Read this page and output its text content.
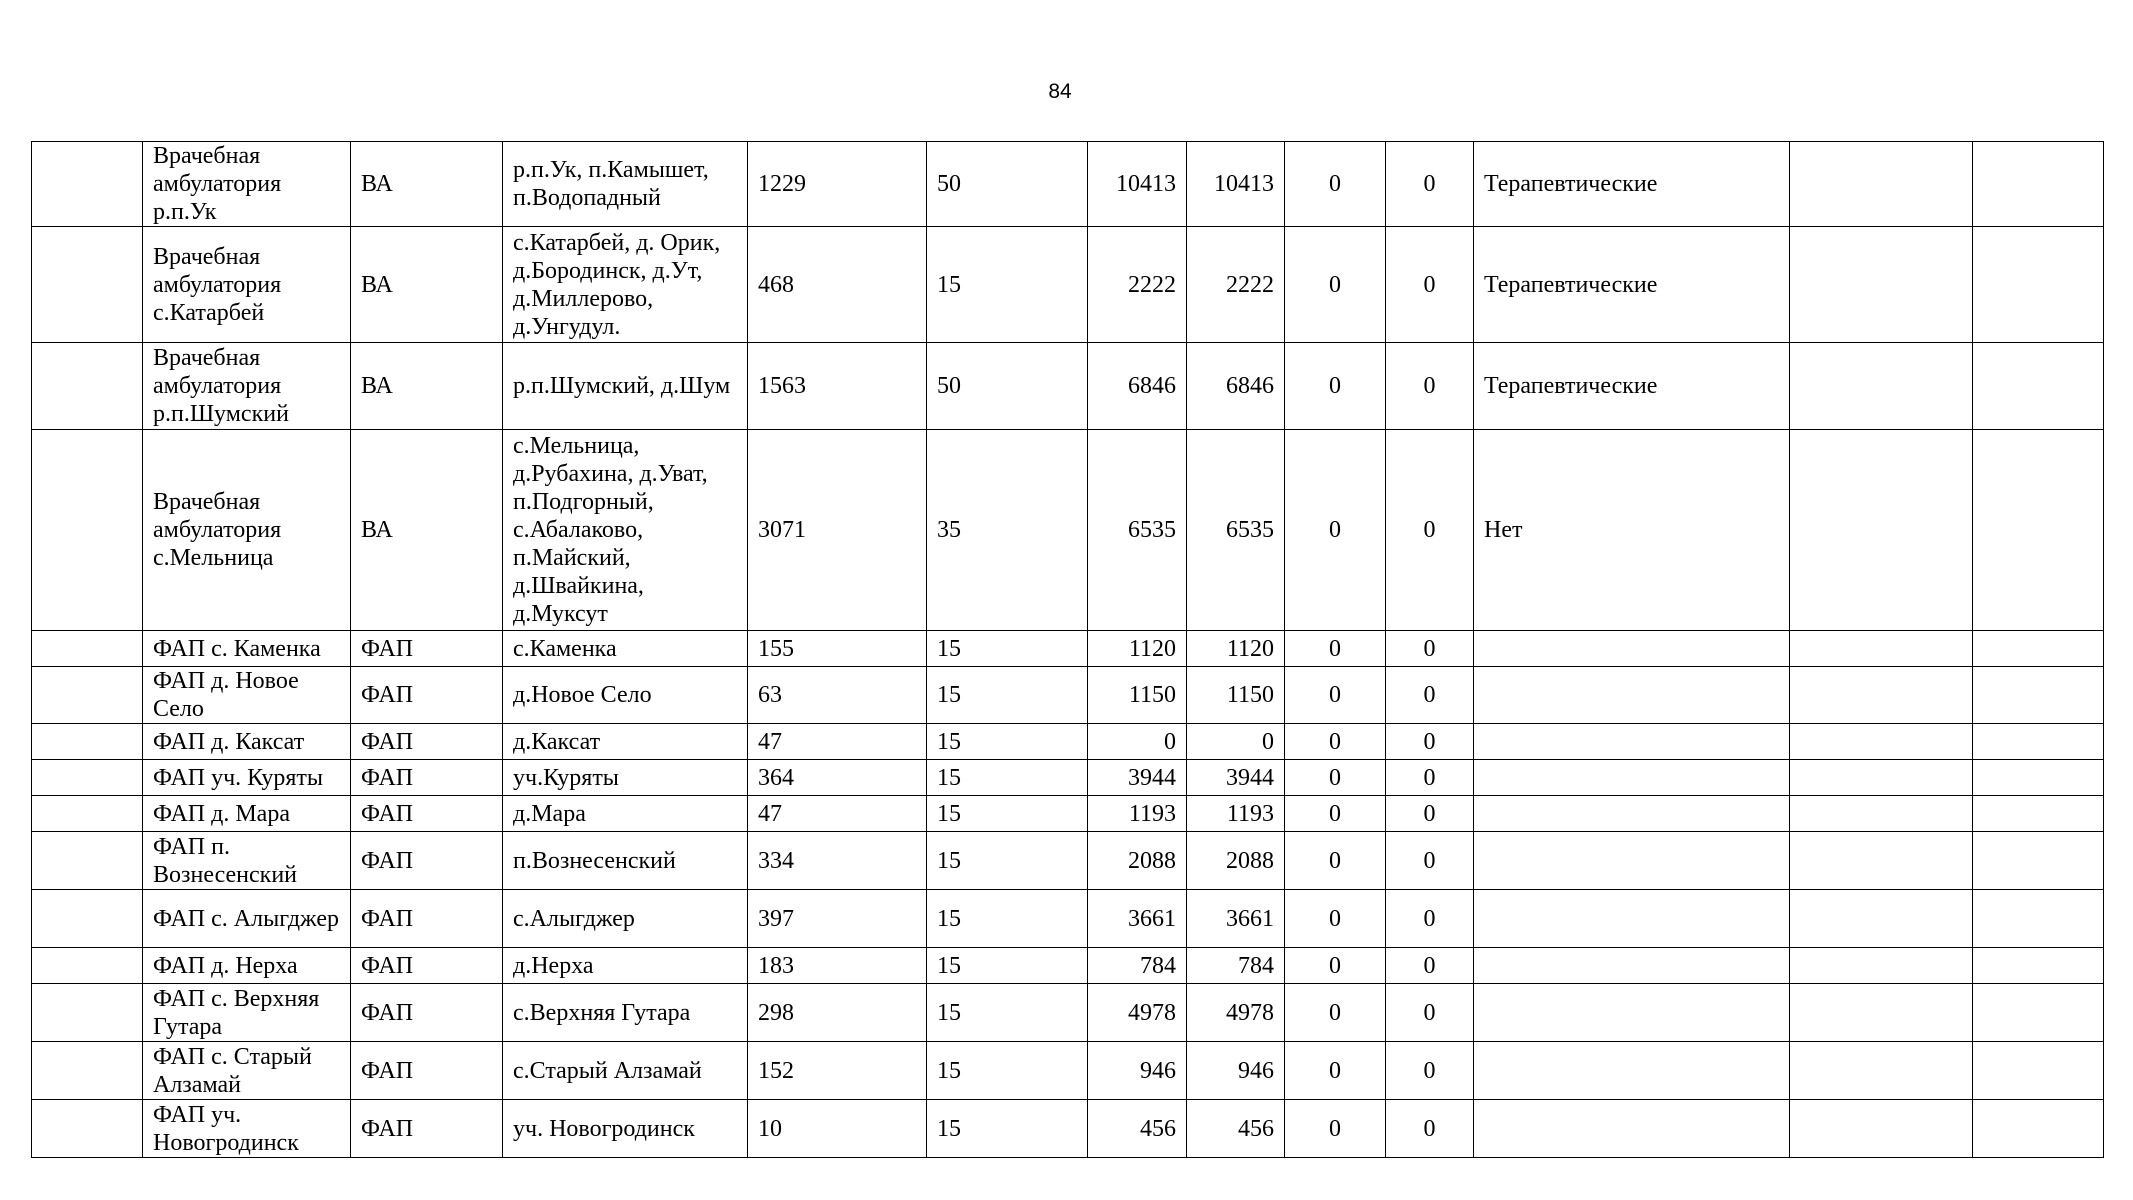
84
	Врачебная амбулатория р.п.Ук	ВА	р.п.Ук, п.Камышет, п.Водопадный	1229	50	10413	10413	0	0	Терапевтические		
	Врачебная амбулатория с.Катарбей	ВА	с.Катарбей, д. Орик, д.Бородинск, д.Ут, д.Миллерово, д.Унгудул.	468	15	2222	2222	0	0	Терапевтические		
	Врачебная амбулатория р.п.Шумский	ВА	р.п.Шумский, д.Шум	1563	50	6846	6846	0	0	Терапевтические		
	Врачебная амбулатория с.Мельница	ВА	с.Мельница, д.Рубахина, д.Уват, п.Подгорный, с.Абалаково, п.Майский, д.Швайкина, д.Муксут	3071	35	6535	6535	0	0	Нет		
	ФАП с. Каменка	ФАП	с.Каменка	155	15	1120	1120	0	0			
	ФАП д. Новое Село	ФАП	д.Новое Село	63	15	1150	1150	0	0			
	ФАП д. Каксат	ФАП	д.Каксат	47	15	0	0	0	0			
	ФАП уч. Куряты	ФАП	уч.Куряты	364	15	3944	3944	0	0			
	ФАП д. Мара	ФАП	д.Мара	47	15	1193	1193	0	0			
	ФАП п. Вознесенский	ФАП	п.Вознесенский	334	15	2088	2088	0	0			
	ФАП с. Алыгджер	ФАП	с.Алыгджер	397	15	3661	3661	0	0			
	ФАП д. Нерха	ФАП	д.Нерха	183	15	784	784	0	0			
	ФАП с. Верхняя Гутара	ФАП	с.Верхняя Гутара	298	15	4978	4978	0	0			
	ФАП с. Старый Алзамай	ФАП	с.Старый Алзамай	152	15	946	946	0	0			
	ФАП уч. Новогродинск	ФАП	уч. Новогродинск	10	15	456	456	0	0			
